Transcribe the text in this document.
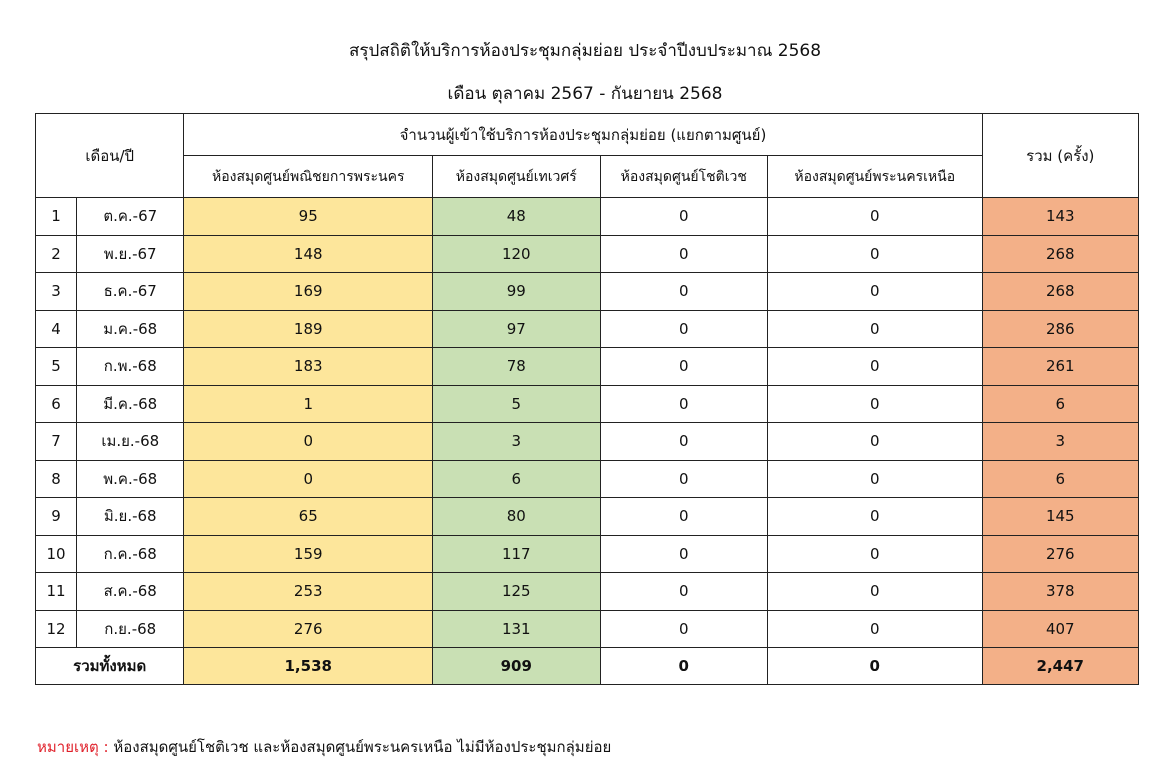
สรุปสถิติให้บริการห้องประชุมกลุ่มย่อย ประจำปีงบประมาณ 2568
เดือน ตุลาคม 2567 - กันยายน 2568
เดือน/ปี		จำนวนผู้เข้าใช้บริการห้องประชุมกลุ่มย่อย (แยกตามศูนย์)				รวม (ครั้ง)
		ห้องสมุดศูนย์พณิชยการพระนคร	ห้องสมุดศูนย์เทเวศร์	ห้องสมุดศูนย์โชติเวช	ห้องสมุดศูนย์พระนครเหนือ	
1	ต.ค.-67	95	48	0	0	143
2	พ.ย.-67	148	120	0	0	268
3	ธ.ค.-67	169	99	0	0	268
4	ม.ค.-68	189	97	0	0	286
5	ก.พ.-68	183	78	0	0	261
6	มี.ค.-68	1	5	0	0	6
7	เม.ย.-68	0	3	0	0	3
8	พ.ค.-68	0	6	0	0	6
9	มิ.ย.-68	65	80	0	0	145
10	ก.ค.-68	159	117	0	0	276
11	ส.ค.-68	253	125	0	0	378
12	ก.ย.-68	276	131	0	0	407
รวมทั้งหมด		1,538	909	0	0	2,447
หมายเหตุ : ห้องสมุดศูนย์โชติเวช และห้องสมุดศูนย์พระนครเหนือ ไม่มีห้องประชุมกลุ่มย่อย
